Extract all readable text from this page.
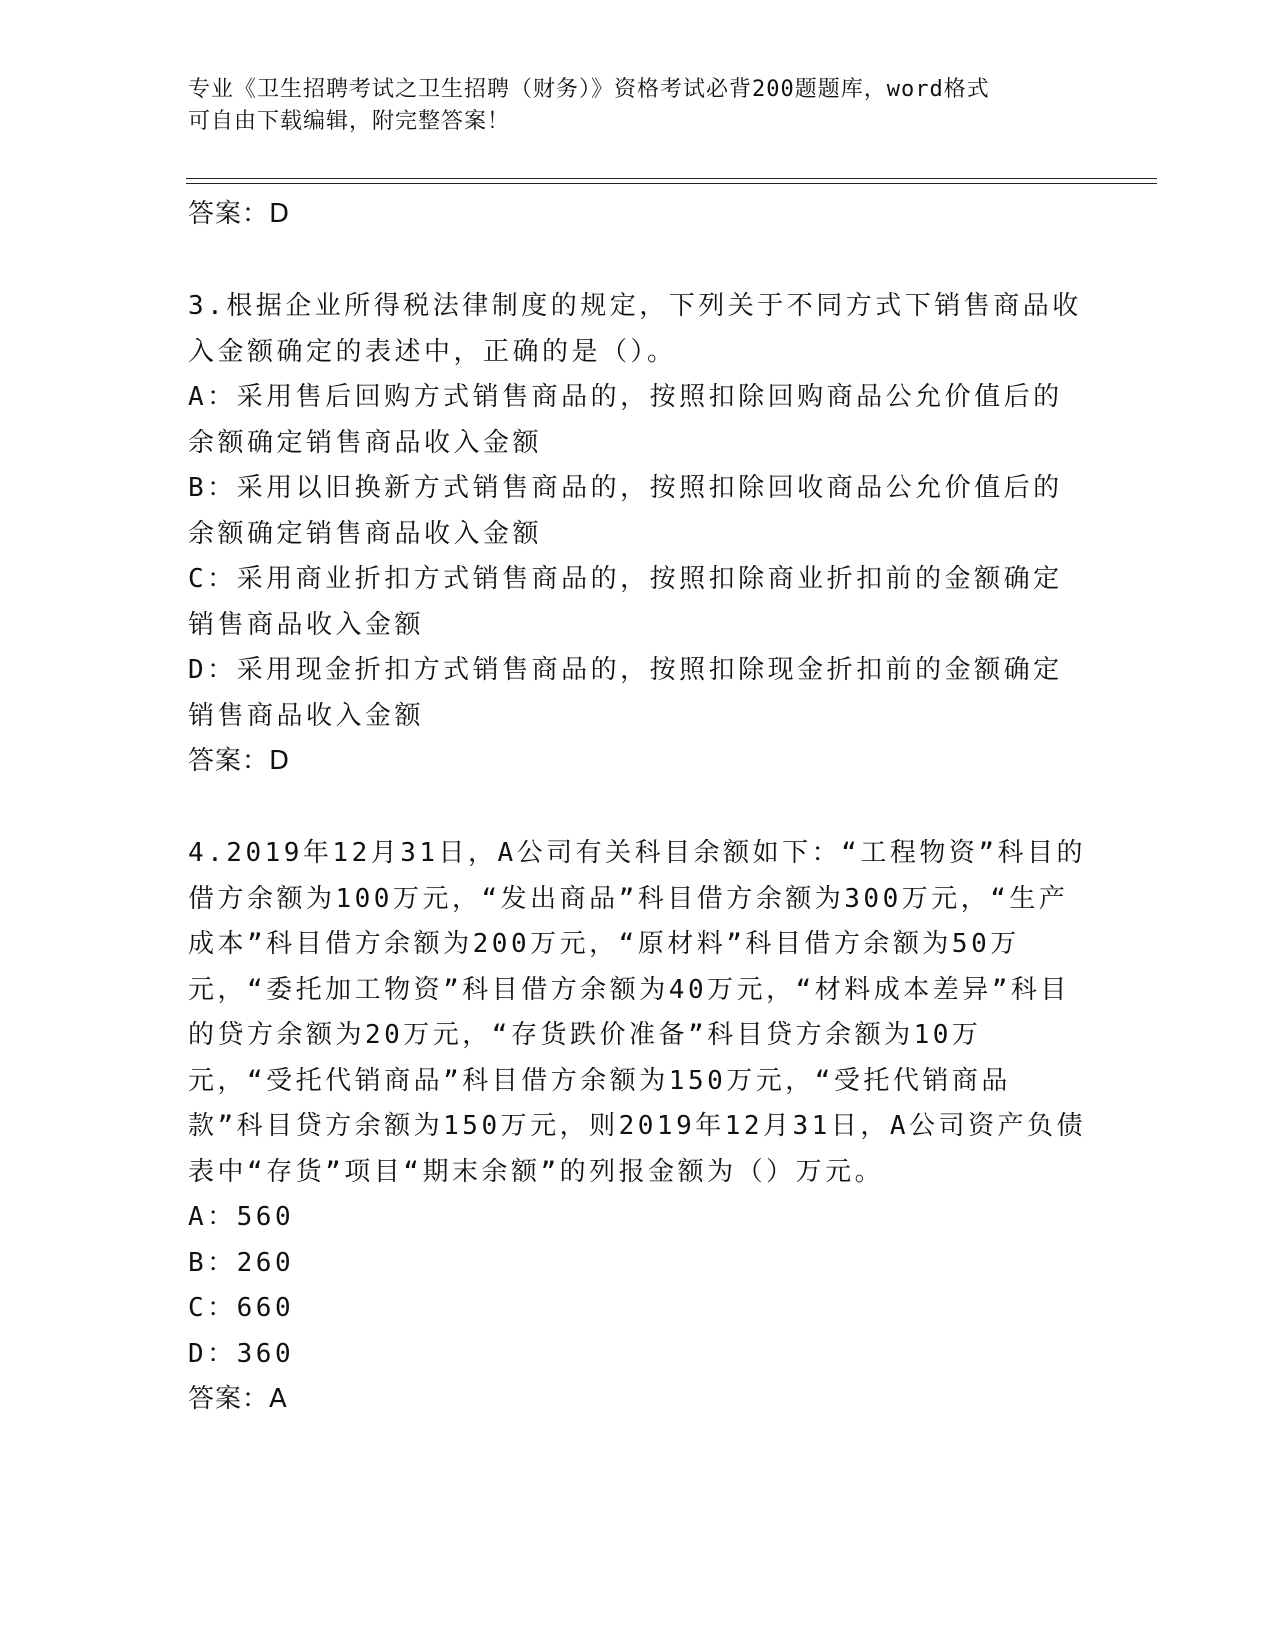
专业《卫生招聘考试之卫生招聘（财务）》资格考试必背200题题库，word格式
可自由下载编辑，附完整答案！
答案：D
3.根据企业所得税法律制度的规定，下列关于不同方式下销售商品收入金额确定的表述中，正确的是（）。
A：采用售后回购方式销售商品的，按照扣除回购商品公允价值后的余额确定销售商品收入金额
B：采用以旧换新方式销售商品的，按照扣除回收商品公允价值后的余额确定销售商品收入金额
C：采用商业折扣方式销售商品的，按照扣除商业折扣前的金额确定销售商品收入金额
D：采用现金折扣方式销售商品的，按照扣除现金折扣前的金额确定销售商品收入金额
答案：D
4.2019年12月31日，A公司有关科目余额如下：“工程物资”科目的借方余额为100万元，“发出商品”科目借方余额为300万元，“生产成本”科目借方余额为200万元，“原材料”科目借方余额为50万元，“委托加工物资”科目借方余额为40万元，“材料成本差异”科目的贷方余额为20万元，“存货跌价准备”科目贷方余额为10万元，“受托代销商品”科目借方余额为150万元，“受托代销商品款”科目贷方余额为150万元，则2019年12月31日，A公司资产负债表中“存货”项目“期末余额”的列报金额为（）万元。
A：560
B：260
C：660
D：360
答案：A
